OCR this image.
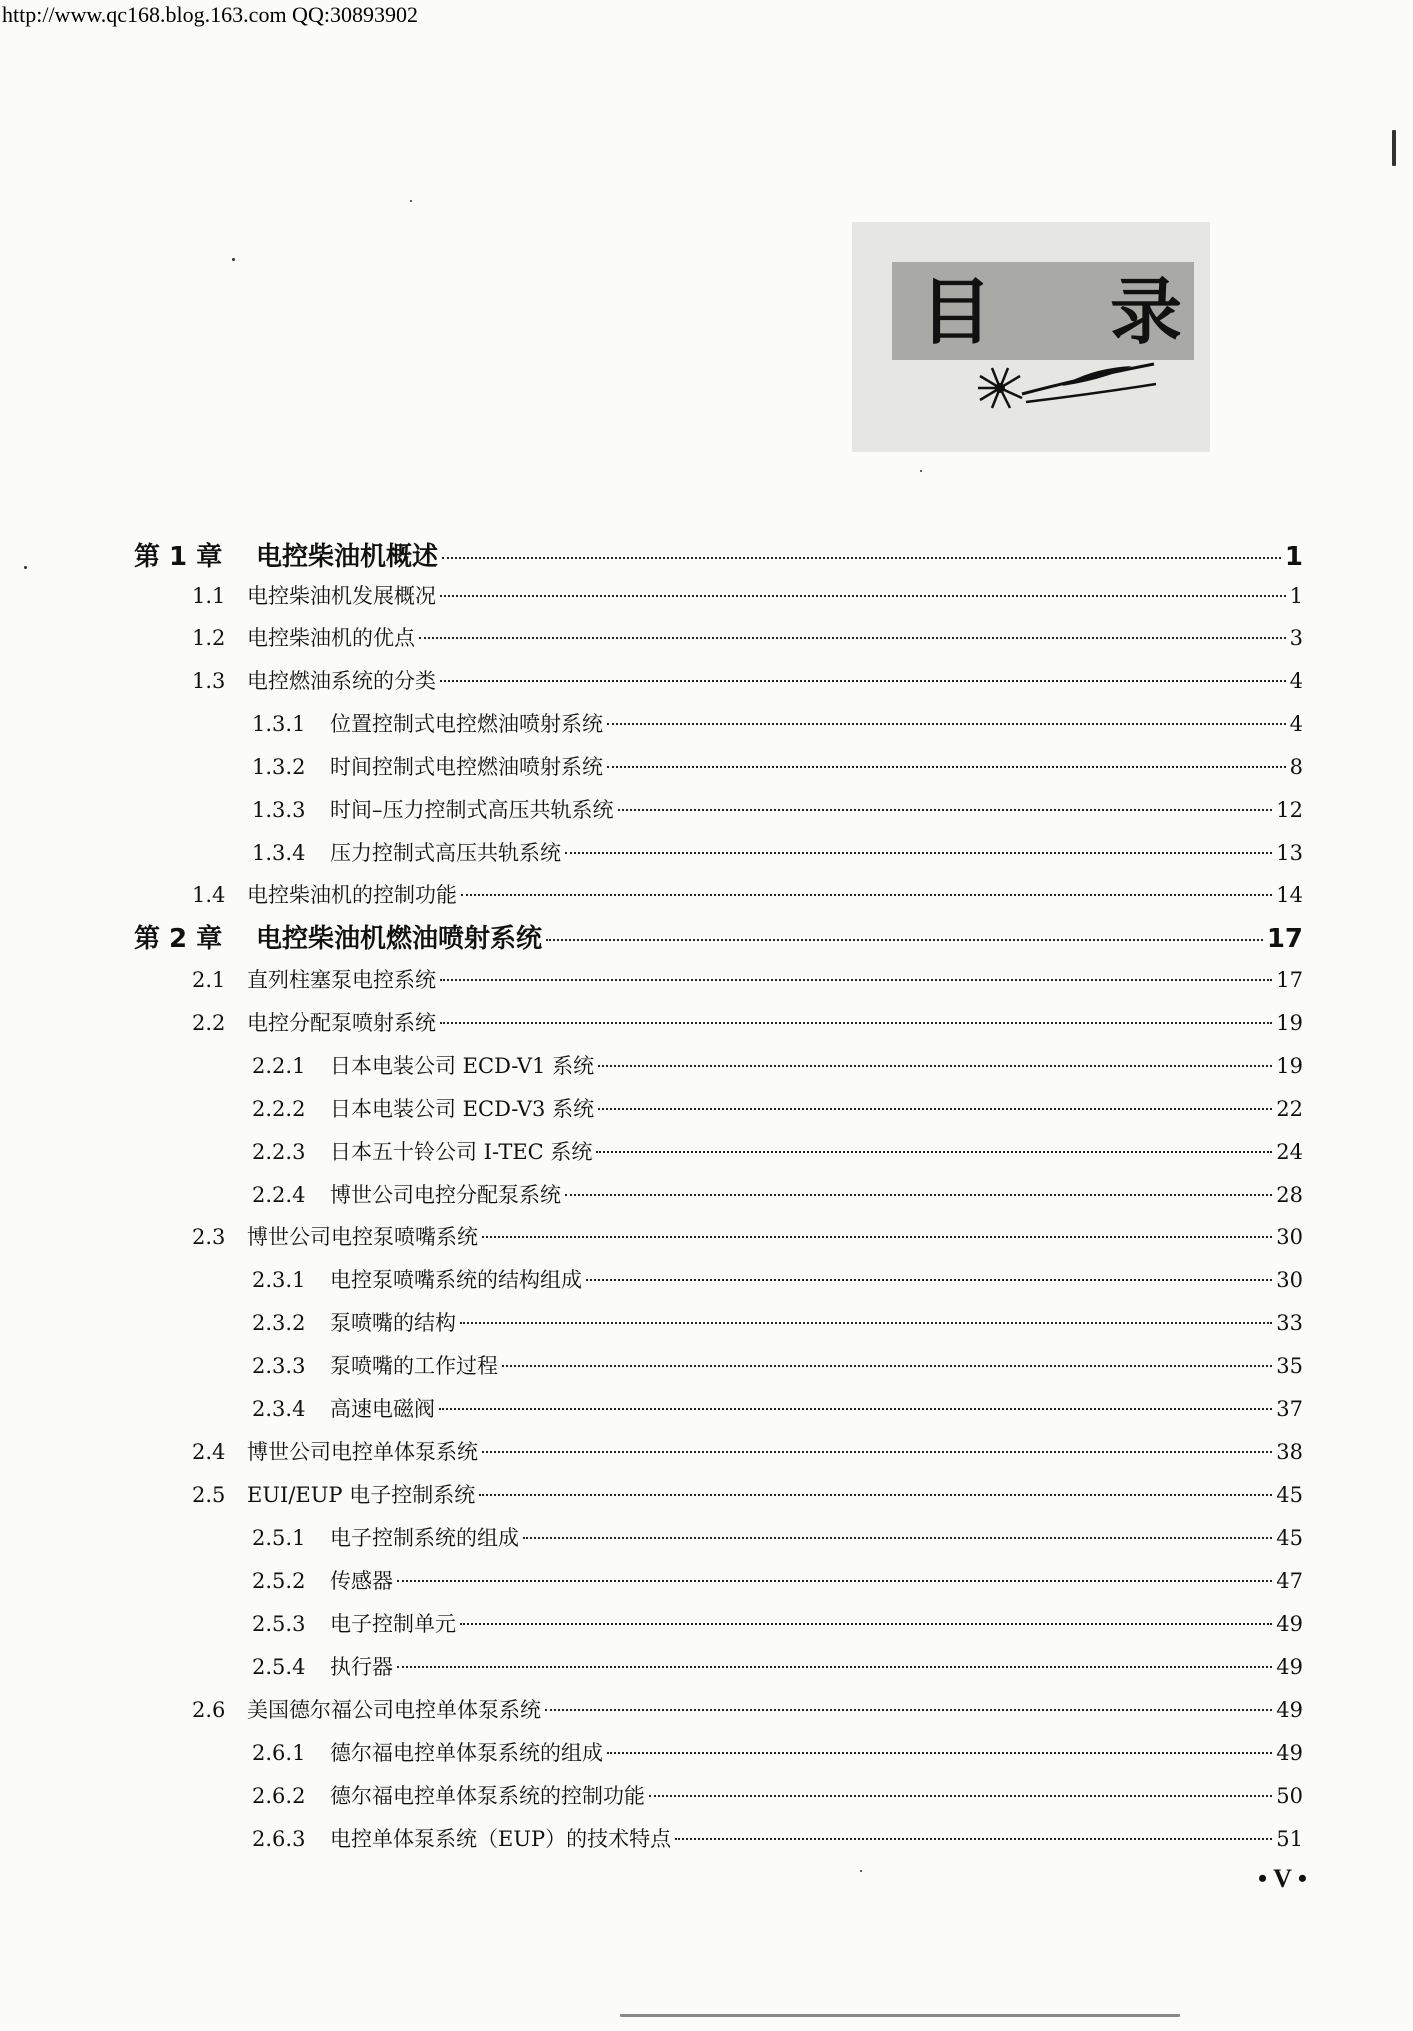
http://www.qc168.blog.163.com QQ:30893902

目 录
第 1 章	电控柴油机概述	1
1.1	电控柴油机发展概况	1
1.2	电控柴油机的优点	3
1.3	电控燃油系统的分类	4
1.3.1	位置控制式电控燃油喷射系统	4
1.3.2	时间控制式电控燃油喷射系统	8
1.3.3	时间–压力控制式高压共轨系统	12
1.3.4	压力控制式高压共轨系统	13
1.4	电控柴油机的控制功能	14
第 2 章	电控柴油机燃油喷射系统	17
2.1	直列柱塞泵电控系统	17
2.2	电控分配泵喷射系统	19
2.2.1	日本电装公司 ECD-V1 系统	19
2.2.2	日本电装公司 ECD-V3 系统	22
2.2.3	日本五十铃公司 I-TEC 系统	24
2.2.4	博世公司电控分配泵系统	28
2.3	博世公司电控泵喷嘴系统	30
2.3.1	电控泵喷嘴系统的结构组成	30
2.3.2	泵喷嘴的结构	33
2.3.3	泵喷嘴的工作过程	35
2.3.4	高速电磁阀	37
2.4	博世公司电控单体泵系统	38
2.5	EUI/EUP 电子控制系统	45
2.5.1	电子控制系统的组成	45
2.5.2	传感器	47
2.5.3	电子控制单元	49
2.5.4	执行器	49
2.6	美国德尔福公司电控单体泵系统	49
2.6.1	德尔福电控单体泵系统的组成	49
2.6.2	德尔福电控单体泵系统的控制功能	50
2.6.3	电控单体泵系统（EUP）的技术特点	51
• V •
